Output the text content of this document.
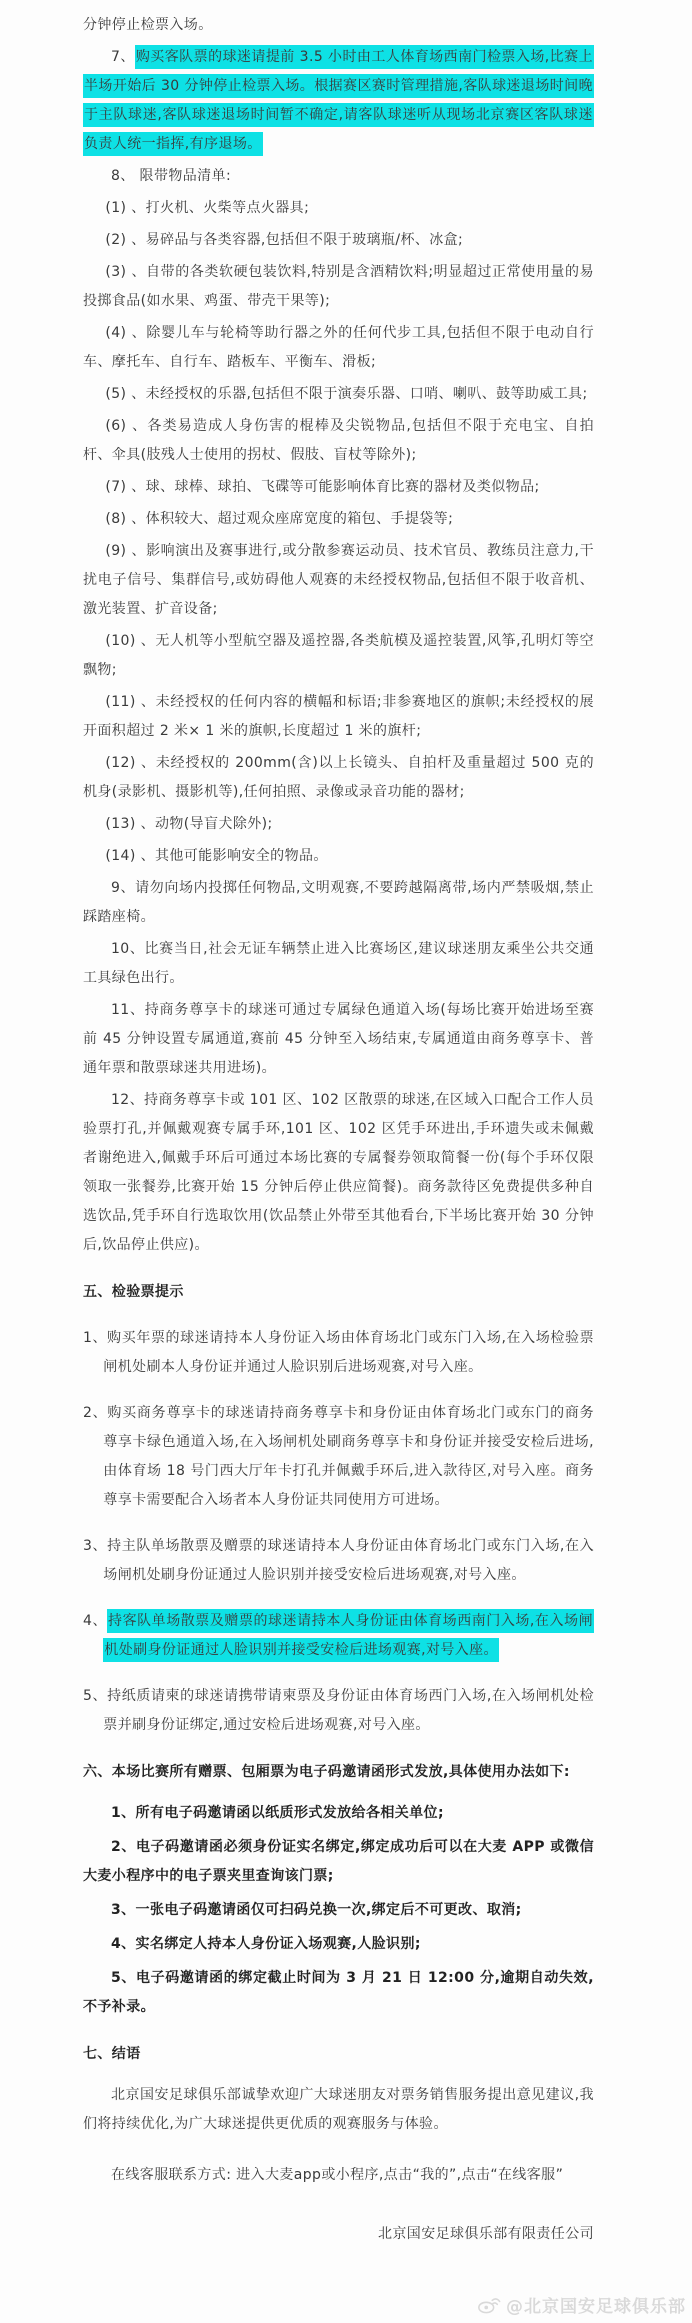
分钟停止检票入场。

7、购买客队票的球迷请提前 3.5 小时由工人体育场西南门检票入场,比赛上半场开始后 30 分钟停止检票入场。根据赛区赛时管理措施,客队球迷退场时间晚于主队球迷,客队球迷退场时间暂不确定,请客队球迷听从现场北京赛区客队球迷负责人统一指挥,有序退场。

8、 限带物品清单:

(1) 、打火机、火柴等点火器具;

(2) 、易碎品与各类容器,包括但不限于玻璃瓶/杯、冰盒;

(3) 、自带的各类软硬包装饮料,特别是含酒精饮料;明显超过正常使用量的易投掷食品(如水果、鸡蛋、带壳干果等);

(4) 、除婴儿车与轮椅等助行器之外的任何代步工具,包括但不限于电动自行车、摩托车、自行车、踏板车、平衡车、滑板;

(5) 、未经授权的乐器,包括但不限于演奏乐器、口哨、喇叭、鼓等助威工具;

(6) 、各类易造成人身伤害的棍棒及尖锐物品,包括但不限于充电宝、自拍杆、伞具(肢残人士使用的拐杖、假肢、盲杖等除外);

(7) 、球、球棒、球拍、飞碟等可能影响体育比赛的器材及类似物品;

(8) 、体积较大、超过观众座席宽度的箱包、手提袋等;

(9) 、影响演出及赛事进行,或分散参赛运动员、技术官员、教练员注意力,干扰电子信号、集群信号,或妨碍他人观赛的未经授权物品,包括但不限于收音机、激光装置、扩音设备;

(10) 、无人机等小型航空器及遥控器,各类航模及遥控装置,风筝,孔明灯等空飘物;

(11) 、未经授权的任何内容的横幅和标语;非参赛地区的旗帜;未经授权的展开面积超过 2 米× 1 米的旗帜,长度超过 1 米的旗杆;

(12) 、未经授权的 200mm(含)以上长镜头、自拍杆及重量超过 500 克的机身(录影机、摄影机等),任何拍照、录像或录音功能的器材;

(13) 、动物(导盲犬除外);

(14) 、其他可能影响安全的物品。

9、请勿向场内投掷任何物品,文明观赛,不要跨越隔离带,场内严禁吸烟,禁止踩踏座椅。

10、比赛当日,社会无证车辆禁止进入比赛场区,建议球迷朋友乘坐公共交通工具绿色出行。

11、持商务尊享卡的球迷可通过专属绿色通道入场(每场比赛开始进场至赛前 45 分钟设置专属通道,赛前 45 分钟至入场结束,专属通道由商务尊享卡、普通年票和散票球迷共用进场)。

12、持商务尊享卡或 101 区、102 区散票的球迷,在区域入口配合工作人员验票打孔,并佩戴观赛专属手环,101 区、102 区凭手环进出,手环遗失或未佩戴者谢绝进入,佩戴手环后可通过本场比赛的专属餐券领取简餐一份(每个手环仅限领取一张餐券,比赛开始 15 分钟后停止供应简餐)。商务款待区免费提供多种自选饮品,凭手环自行选取饮用(饮品禁止外带至其他看台,下半场比赛开始 30 分钟后,饮品停止供应)。

五、检验票提示

1、购买年票的球迷请持本人身份证入场由体育场北门或东门入场,在入场检验票闸机处刷本人身份证并通过人脸识别后进场观赛,对号入座。

2、购买商务尊享卡的球迷请持商务尊享卡和身份证由体育场北门或东门的商务尊享卡绿色通道入场,在入场闸机处刷商务尊享卡和身份证并接受安检后进场,由体育场 18 号门西大厅年卡打孔并佩戴手环后,进入款待区,对号入座。商务尊享卡需要配合入场者本人身份证共同使用方可进场。

3、持主队单场散票及赠票的球迷请持本人身份证由体育场北门或东门入场,在入场闸机处刷身份证通过人脸识别并接受安检后进场观赛,对号入座。

4、持客队单场散票及赠票的球迷请持本人身份证由体育场西南门入场,在入场闸机处刷身份证通过人脸识别并接受安检后进场观赛,对号入座。

5、持纸质请柬的球迷请携带请柬票及身份证由体育场西门入场,在入场闸机处检票并刷身份证绑定,通过安检后进场观赛,对号入座。

六、本场比赛所有赠票、包厢票为电子码邀请函形式发放,具体使用办法如下:

1、所有电子码邀请函以纸质形式发放给各相关单位;

2、电子码邀请函必须身份证实名绑定,绑定成功后可以在大麦 APP 或微信大麦小程序中的电子票夹里查询该门票;

3、一张电子码邀请函仅可扫码兑换一次,绑定后不可更改、取消;

4、实名绑定人持本人身份证入场观赛,人脸识别;

5、电子码邀请函的绑定截止时间为 3 月 21 日 12:00 分,逾期自动失效,不予补录。

七、结语

北京国安足球俱乐部诚挚欢迎广大球迷朋友对票务销售服务提出意见建议,我们将持续优化,为广大球迷提供更优质的观赛服务与体验。

在线客服联系方式: 进入大麦app或小程序,点击“我的”,点击“在线客服”

北京国安足球俱乐部有限责任公司

@北京国安足球俱乐部
